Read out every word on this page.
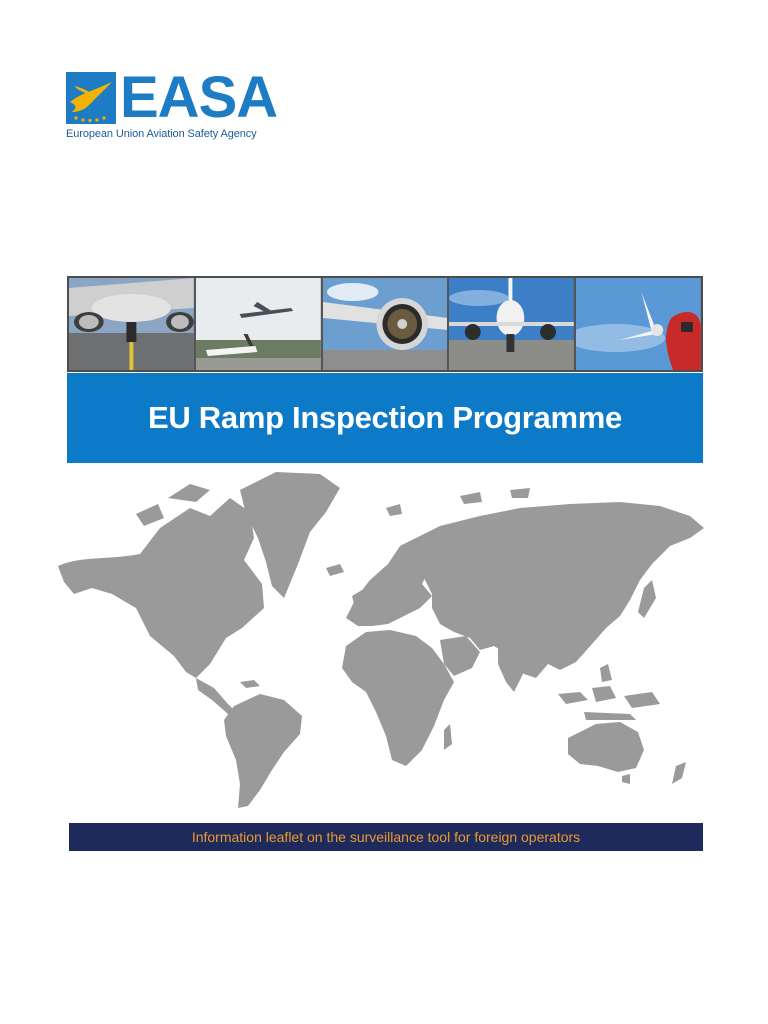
EASA
European Union Aviation Safety Agency
EU Ramp Inspection Programme
Information leaflet on the surveillance tool for foreign operators
